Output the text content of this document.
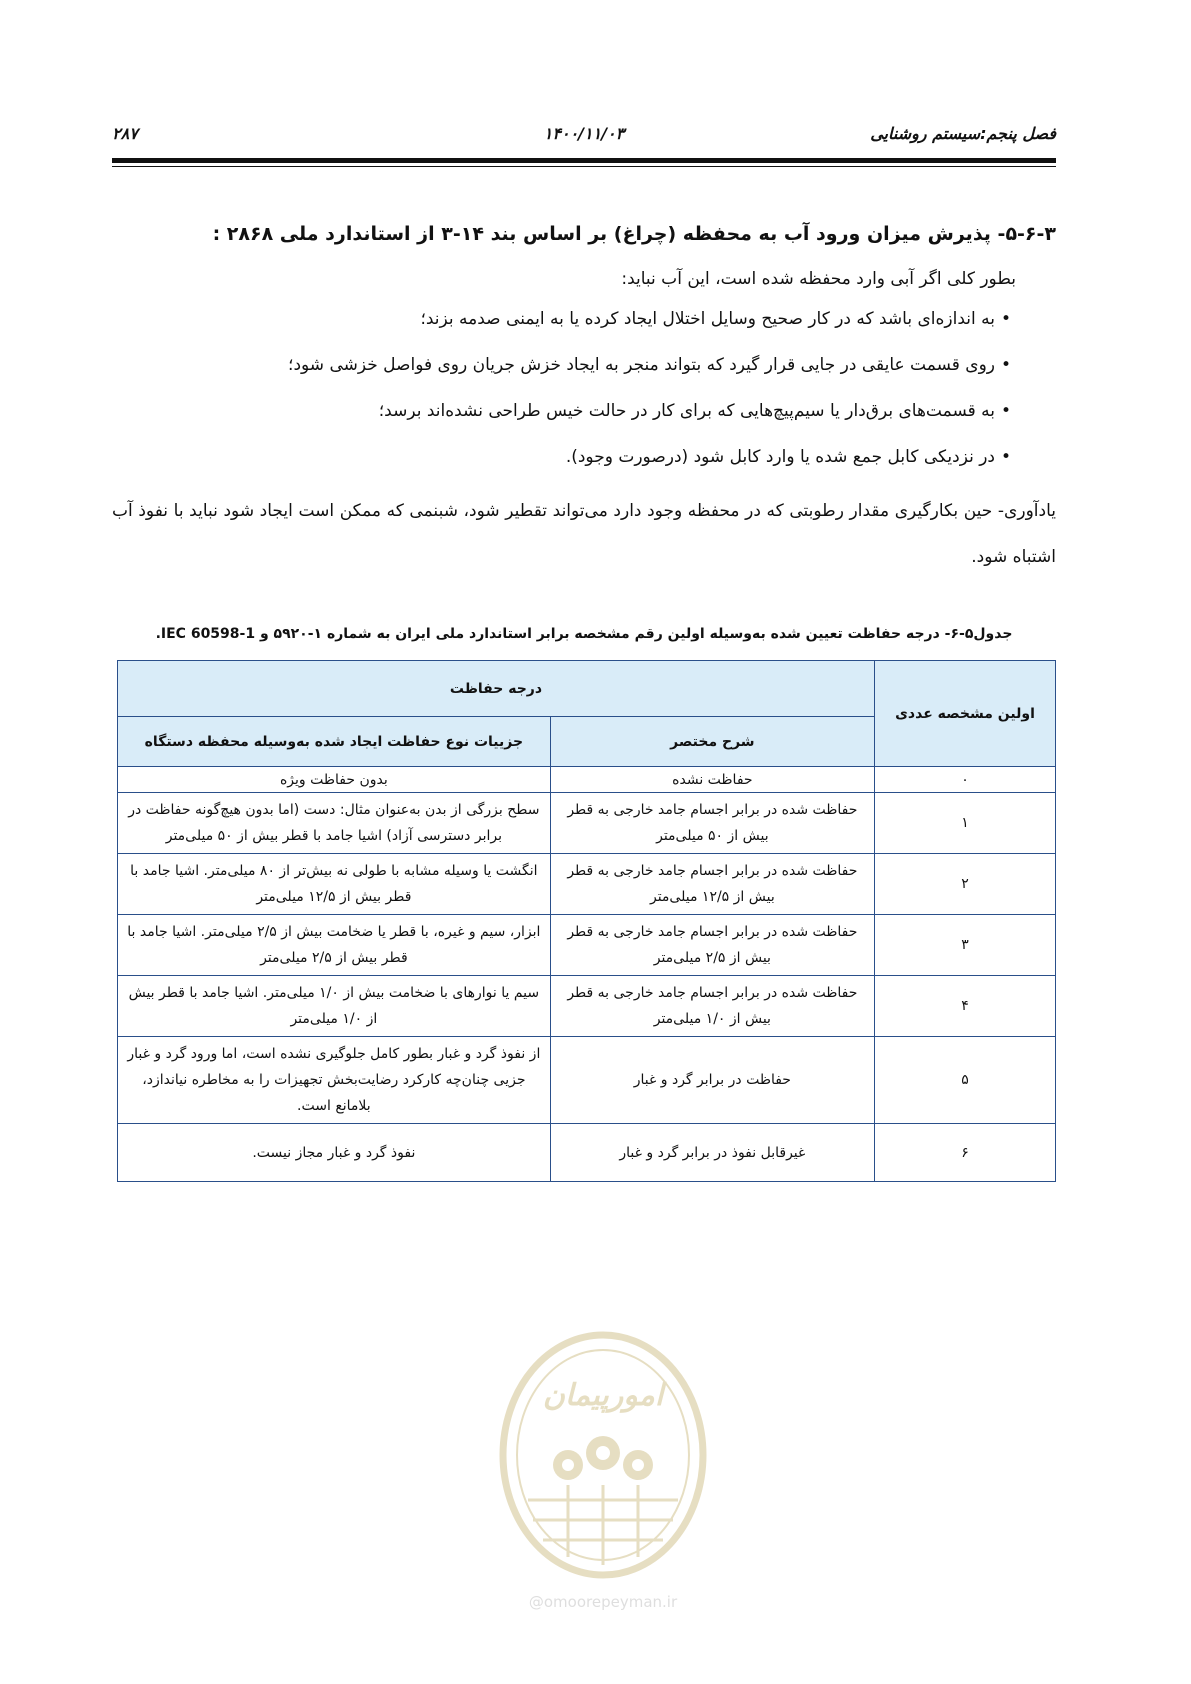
فصل پنجم:سیستم روشنایی
۱۴۰۰/۱۱/۰۳
۲۸۷
۵-۶-۳- پذیرش میزان ورود آب به محفظه (چراغ) بر اساس بند ۱۴-۳ از استاندارد ملی ۲۸۶۸ :
بطور کلی اگر آبی وارد محفظه شده است، این آب نباید:
•
به اندازه‌ای باشد که در کار صحیح وسایل اختلال ایجاد کرده یا به ایمنی صدمه بزند؛
•
روی قسمت عایقی در جایی قرار گیرد که بتواند منجر به ایجاد خزش جریان روی فواصل خزشی شود؛
•
به قسمت‌های برق‌دار یا سیم‌پیچ‌هایی که برای کار در حالت خیس طراحی نشده‌اند برسد؛
•
در نزدیکی کابل جمع شده یا وارد کابل شود (درصورت وجود).
یادآوری- حین بکارگیری مقدار رطوبتی که در محفظه وجود دارد می‌تواند تقطیر شود، شبنمی که ممکن است ایجاد شود نباید با نفوذ آب اشتباه شود.
جدول۵-۶- درجه حفاظت تعیین شده به‌وسیله اولین رقم مشخصه برابر استاندارد ملی ایران به شماره ۱-۵۹۲۰ و IEC 60598-1.
اولین مشخصه عددی	درجه حفاظت	
	شرح مختصر	جزییات نوع حفاظت ایجاد شده به‌وسیله محفظه دستگاه
۰	حفاظت نشده	بدون حفاظت ویژه
۱	حفاظت شده در برابر اجسام جامد خارجی به قطر بیش از ۵۰ میلی‌متر	سطح بزرگی از بدن به‌عنوان مثال: دست (اما بدون هیچ‌گونه حفاظت در برابر دسترسی آزاد) اشیا جامد با قطر بیش از ۵۰ میلی‌متر
۲	حفاظت شده در برابر اجسام جامد خارجی به قطر بیش از ۱۲/۵ میلی‌متر	انگشت یا وسیله مشابه با طولی نه بیش‌تر از ۸۰ میلی‌متر. اشیا جامد با قطر بیش از ۱۲/۵ میلی‌متر
۳	حفاظت شده در برابر اجسام جامد خارجی به قطر بیش از ۲/۵ میلی‌متر	ابزار، سیم و غیره، با قطر یا ضخامت بیش از ۲/۵ میلی‌متر. اشیا جامد با قطر بیش از ۲/۵ میلی‌متر
۴	حفاظت شده در برابر اجسام جامد خارجی به قطر بیش از ۱/۰ میلی‌متر	سیم یا نوارهای با ضخامت بیش از ۱/۰ میلی‌متر. اشیا جامد با قطر بیش از ۱/۰ میلی‌متر
۵	حفاظت در برابر گرد و غبار	از نفوذ گرد و غبار بطور کامل جلوگیری نشده است، اما ورود گرد و غبار جزیی چنان‌چه کارکرد رضایت‌بخش تجهیزات را به مخاطره نیاندازد، بلامانع است.
۶	غیرقابل نفوذ در برابر گرد و غبار	نفوذ گرد و غبار مجاز نیست.
امورپیمان
@omoorepeyman.ir
